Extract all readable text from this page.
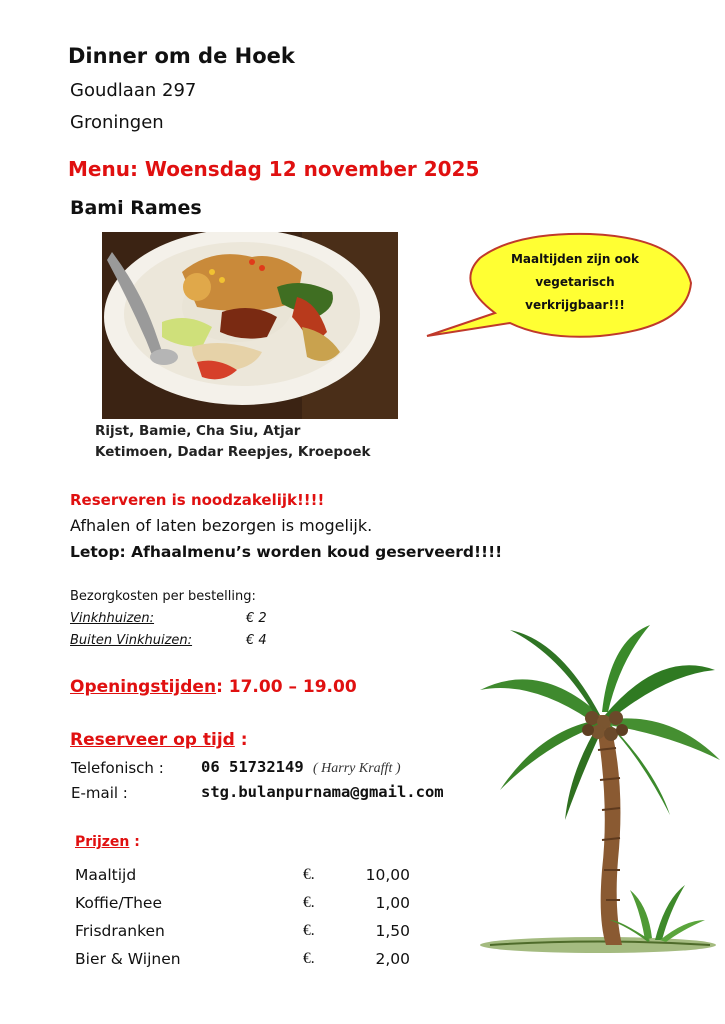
Dinner om de Hoek
Goudlaan 297
Groningen
Menu: Woensdag 12 november 2025
Bami Rames
Rijst, Bamie, Cha Siu, Atjar
Ketimoen, Dadar Reepjes, Kroepoek
Maaltijden zijn ook
vegetarisch
verkrijgbaar!!!
Reserveren is noodzakelijk!!!!
Afhalen of laten bezorgen is mogelijk.
Letop: Afhaalmenu’s worden koud geserveerd!!!!
Bezorgkosten per bestelling:
Vinkhhuizen:	€ 2
Buiten Vinkhuizen:	€ 4
Openingstijden: 17.00 – 19.00
Reserveer op tijd :
Telefonisch : 06 51732149 ( Harry Krafft )
E-mail :	stg.bulanpurnama@gmail.com
Prijzen :
Maaltijd	€.	10,00
Koffie/Thee	€.	1,00
Frisdranken	€.	1,50
Bier & Wijnen	€.	2,00
